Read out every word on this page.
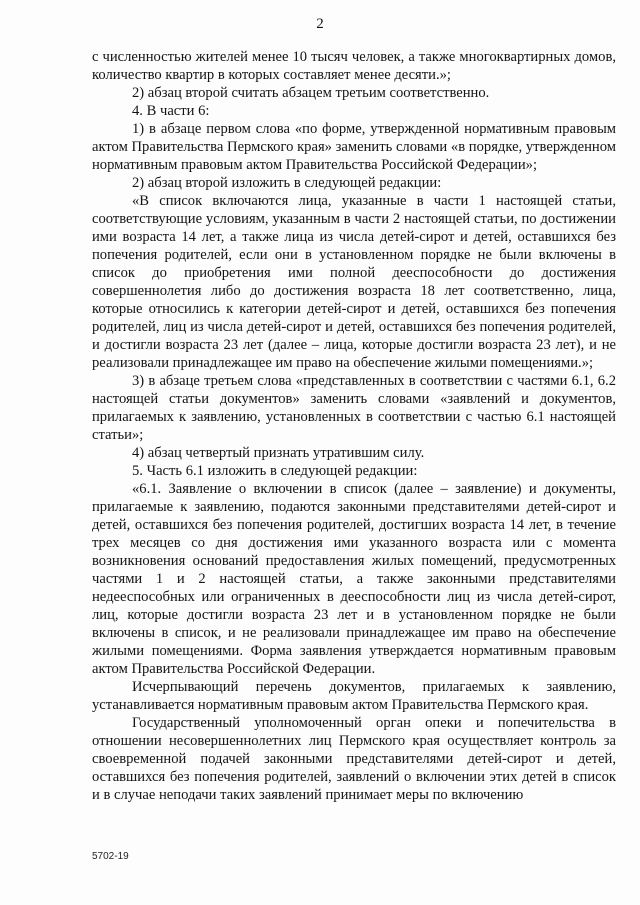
2

с численностью жителей менее 10 тысяч человек, а также многоквартирных домов, количество квартир в которых составляет менее десяти.»;

2) абзац второй считать абзацем третьим соответственно.

4. В части 6:

1) в абзаце первом слова «по форме, утвержденной нормативным правовым актом Правительства Пермского края» заменить словами «в порядке, утвержденном нормативным правовым актом Правительства Российской Федерации»;

2) абзац второй изложить в следующей редакции:

«В список включаются лица, указанные в части 1 настоящей статьи, соответствующие условиям, указанным в части 2 настоящей статьи, по достижении ими возраста 14 лет, а также лица из числа детей-сирот и детей, оставшихся без попечения родителей, если они в установленном порядке не были включены в список до приобретения ими полной дееспособности до достижения совершеннолетия либо до достижения возраста 18 лет соответственно, лица, которые относились к категории детей-сирот и детей, оставшихся без попечения родителей, лиц из числа детей-сирот и детей, оставшихся без попечения родителей, и достигли возраста 23 лет (далее – лица, которые достигли возраста 23 лет), и не реализовали принадлежащее им право на обеспечение жилыми помещениями.»;

3) в абзаце третьем слова «представленных в соответствии с частями 6.1, 6.2 настоящей статьи документов» заменить словами «заявлений и документов, прилагаемых к заявлению, установленных в соответствии с частью 6.1 настоящей статьи»;

4) абзац четвертый признать утратившим силу.

5. Часть 6.1 изложить в следующей редакции:

«6.1. Заявление о включении в список (далее – заявление) и документы, прилагаемые к заявлению, подаются законными представителями детей-сирот и детей, оставшихся без попечения родителей, достигших возраста 14 лет, в течение трех месяцев со дня достижения ими указанного возраста или с момента возникновения оснований предоставления жилых помещений, предусмотренных частями 1 и 2 настоящей статьи, а также законными представителями недееспособных или ограниченных в дееспособности лиц из числа детей-сирот, лиц, которые достигли возраста 23 лет и в установленном порядке не были включены в список, и не реализовали принадлежащее им право на обеспечение жилыми помещениями. Форма заявления утверждается нормативным правовым актом Правительства Российской Федерации.

Исчерпывающий перечень документов, прилагаемых к заявлению, устанавливается нормативным правовым актом Правительства Пермского края.

Государственный уполномоченный орган опеки и попечительства в отношении несовершеннолетних лиц Пермского края осуществляет контроль за своевременной подачей законными представителями детей-сирот и детей, оставшихся без попечения родителей, заявлений о включении этих детей в список и в случае неподачи таких заявлений принимает меры по включению

5702-19
